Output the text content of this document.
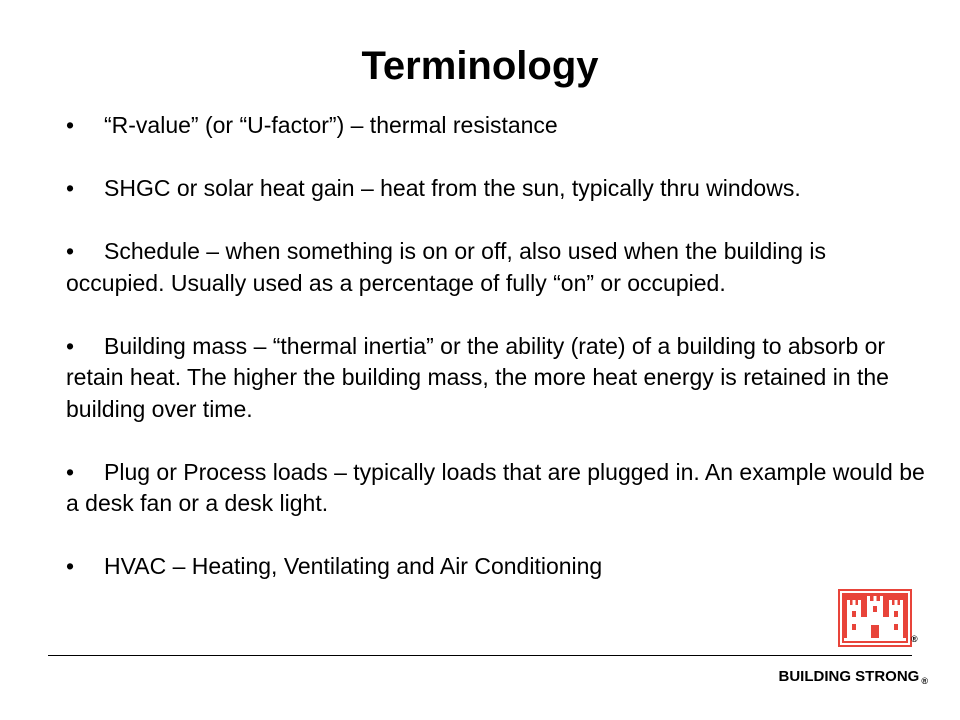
Terminology
• “R-value” (or “U-factor”) – thermal resistance
• SHGC or solar heat gain – heat from the sun, typically thru windows.
• Schedule – when something is on or off, also used when the building is occupied. Usually used as a percentage of fully “on” or occupied.
• Building mass – “thermal inertia” or the ability (rate) of a building to absorb or retain heat. The higher the building mass, the more heat energy is retained in the building over time.
• Plug or Process loads – typically loads that are plugged in. An example would be a desk fan or a desk light.
• HVAC – Heating, Ventilating and Air Conditioning
®
BUILDING STRONG $_®$
